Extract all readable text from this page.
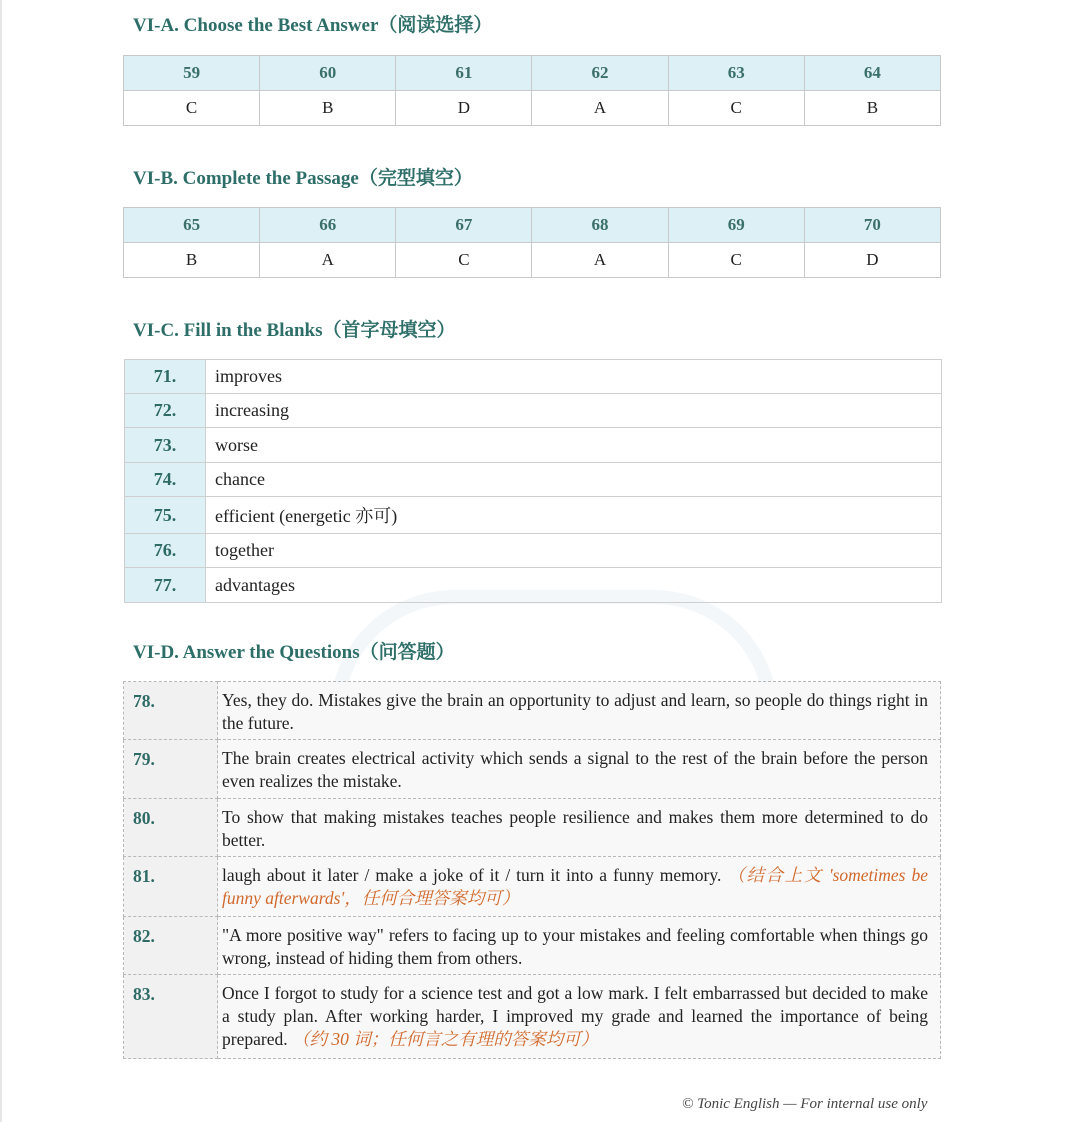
VI-A. Choose the Best Answer（阅读选择）
59	60	61	62	63	64
C	B	D	A	C	B
VI-B. Complete the Passage（完型填空）
65	66	67	68	69	70
B	A	C	A	C	D
VI-C. Fill in the Blanks（首字母填空）
71.	improves
72.	increasing
73.	worse
74.	chance
75.	efficient (energetic 亦可)
76.	together
77.	advantages
VI-D. Answer the Questions（问答题）
78.	Yes, they do. Mistakes give the brain an opportunity to adjust and learn, so people do things right in the future.
79.	The brain creates electrical activity which sends a signal to the rest of the brain before the person even realizes the mistake.
80.	To show that making mistakes teaches people resilience and makes them more determined to do better.
81.	laugh about it later / make a joke of it / turn it into a funny memory. （结合上文 'sometimes be funny afterwards'，任何合理答案均可）
82.	"A more positive way" refers to facing up to your mistakes and feeling comfortable when things go wrong, instead of hiding them from others.
83.	Once I forgot to study for a science test and got a low mark. I felt embarrassed but decided to make a study plan. After working harder, I improved my grade and learned the importance of being prepared. （约 30 词；任何言之有理的答案均可）

© Tonic English — For internal use only
